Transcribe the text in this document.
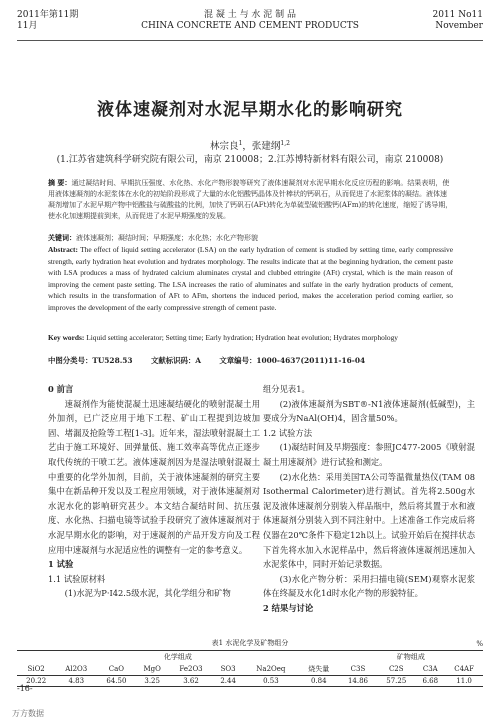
2011年第11期
11月
混 凝 土 与 水 泥 制 品
CHINA CONCRETE AND CEMENT PRODUCTS
2011 No11
November
液体速凝剂对水泥早期水化的影响研究
林宗良$^1$，张建纲$^{1,2}$
(1.江苏省建筑科学研究院有限公司，南京 210008；2.江苏博特新材料有限公司，南京 210008)
摘 要：通过凝结时间、早期抗压强度、水化热、水化产物形貌等研究了液体速凝剂对水泥早期水化反应历程的影响。结果表明，使用液体速凝剂的水泥浆体在水化的初始阶段形成了大量的水化铝酸钙晶体及针棒状的钙矾石，从而促进了水泥浆体的凝结。液体速凝剂增加了水泥早期产物中铝酸盐与硫酸盐的比例，加快了钙矾石(AFt)转化为单硫型硫铝酸钙(AFm)的转化速度，缩短了诱导期，使水化加速期提前到来，从而促进了水泥早期强度的发展。
关键词：液体速凝剂；凝结时间；早期强度；水化热；水化产物形貌
Abstract: The effect of liquid setting accelerator (LSA) on the early hydration of cement is studied by setting time, early compressive strength, early hydration heat evolution and hydrates morphology. The results indicate that at the beginning hydration, the cement paste with LSA produces a mass of hydrated calcium aluminates crystal and clubbed ettringite (AFt) crystal, which is the main reason of improving the cement paste setting. The LSA increases the ratio of aluminates and sulfate in the early hydration products of cement, which results in the transformation of AFt to AFm, shortens the induced period, makes the acceleration period coming earlier, so improves the development of the early compressive strength of cement paste.
Key words: Liquid setting accelerator; Setting time; Early hydration; Hydration heat evolution; Hydrates morphology
中图分类号：TU528.53 文献标识码：A 文章编号：1000-4637(2011)11-16-04

0 前言

速凝剂作为能使混凝土迅速凝结硬化的喷射混凝土用外加剂，已广泛应用于地下工程、矿山工程提到边坡加固、堵漏及抢险等工程[1-3]。近年来，湿法喷射混凝土工艺由于施工环境好、回弹量低、施工效率高等优点正逐步取代传统的干喷工艺。液体速凝剂因为是湿法喷射混凝土中重要的化学外加剂，目前，关于液体速凝剂的研究主要集中在新品种开发以及工程应用领域，对于液体速凝剂对水泥水化的影响研究甚少。本文结合凝结时间、抗压强度、水化热、扫描电镜等试验手段研究了液体速凝剂对于水泥早期水化的影响，对于速凝剂的产品开发方向及工程应用中速凝剂与水泥适应性的调整有一定的参考意义。

1 试验

1.1 试验原材料

(1)水泥为P·I42.5级水泥，其化学组分和矿物

组分见表1。

(2)液体速凝剂为SBT®-N1液体速凝剂(低碱型)，主要成分为NaAl(OH)4，固含量50%。

1.2 试验方法

(1)凝结时间及早期强度：参照JC477-2005《喷射混凝土用速凝剂》进行试验和测定。

(2)水化热：采用美国TA公司等温微量热仪(TAM 08 Isothermal Calorimeter)进行测试。首先将2.500g水泥及液体速凝剂分别装入样品瓶中，然后将其置于水和液体速凝剂分别装入到不同注射中。上述准备工作完成后将仪器在20℃条件下稳定12h以上。试验开始后在搅拌状态下首先将水加入水泥样品中，然后将液体速凝剂迅速加入水泥浆体中，同时开始记录数据。

(3)水化产物分析：采用扫描电镜(SEM)观察水泥浆体在终凝及水化1d时水化产物的形貌特征。

2 结果与讨论

表1 水泥化学及矿物组分	%
化学组成								矿物组成			
SiO2	Al2O3	CaO	MgO	Fe2O3	SO3	Na2Oeq	烧失量	C3S	C2S	C3A	C4AF
20.22	4.83	64.50	3.25	3.62	2.44	0.53	0.84	14.86	57.25	6.68	11.0
-16-
万方数据
